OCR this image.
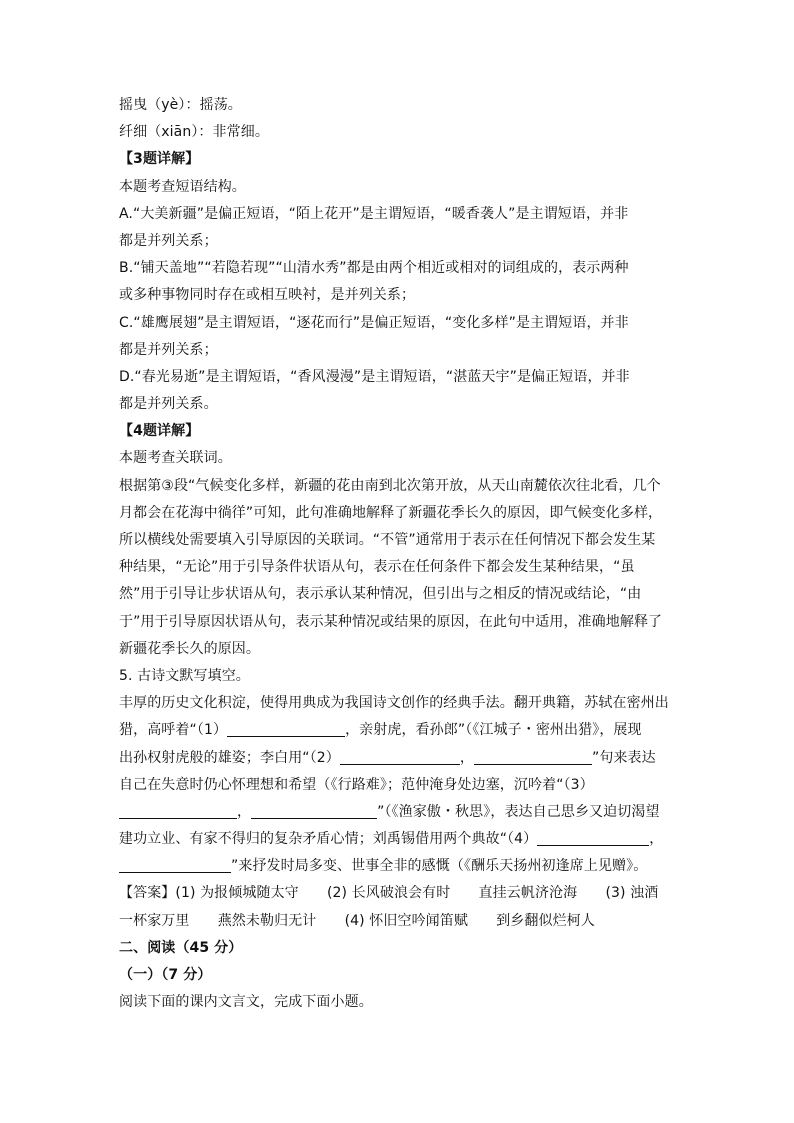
摇曳（yè）：摇荡。
纤细（xiān）：非常细。
【3题详解】
本题考查短语结构。
A.“大美新疆”是偏正短语，“陌上花开”是主谓短语，“暖香袭人”是主谓短语，并非
都是并列关系；
B.“铺天盖地”“若隐若现”“山清水秀”都是由两个相近或相对的词组成的，表示两种
或多种事物同时存在或相互映衬，是并列关系；
C.“雄鹰展翅”是主谓短语，“逐花而行”是偏正短语，“变化多样”是主谓短语，并非
都是并列关系；
D.“春光易逝”是主谓短语，“香风漫漫”是主谓短语，“湛蓝天宇”是偏正短语，并非
都是并列关系。
【4题详解】
本题考查关联词。
根据第③段“气候变化多样，新疆的花由南到北次第开放，从天山南麓依次往北看，几个
月都会在花海中徜徉”可知，此句准确地解释了新疆花季长久的原因，即气候变化多样，
所以横线处需要填入引导原因的关联词。“不管”通常用于表示在任何情况下都会发生某
种结果，“无论”用于引导条件状语从句，表示在任何条件下都会发生某种结果，“虽
然”用于引导让步状语从句，表示承认某种情况，但引出与之相反的情况或结论，“由
于”用于引导原因状语从句，表示某种情况或结果的原因，在此句中适用，准确地解释了
新疆花季长久的原因。
5. 古诗文默写填空。
丰厚的历史文化积淀，使得用典成为我国诗文创作的经典手法。翻开典籍，苏轼在密州出
猎，高呼着“（1）	，亲射虎，看孙郎”（《江城子・密州出猎》，展现
出孙权射虎般的雄姿；李白用“（2）	，	”句来表达
自己在失意时仍心怀理想和希望（《行路难》；范仲淹身处边塞，沉吟着“（3）
，	”（《渔家傲・秋思》，表达自己思乡又迫切渴望
建功立业、有家不得归的复杂矛盾心情；刘禹锡借用两个典故“（4）	，
”来抒发时局多变、世事全非的感慨（《酬乐天扬州初逢席上见赠》。
【答案】(1) 为报倾城随太守　　(2) 长风破浪会有时　　直挂云帆济沧海　　(3) 浊酒
一杯家万里　　燕然未勒归无计　　(4) 怀旧空吟闻笛赋　　到乡翻似烂柯人
二、阅读（45 分）
（一）（7 分）
阅读下面的课内文言文，完成下面小题。
